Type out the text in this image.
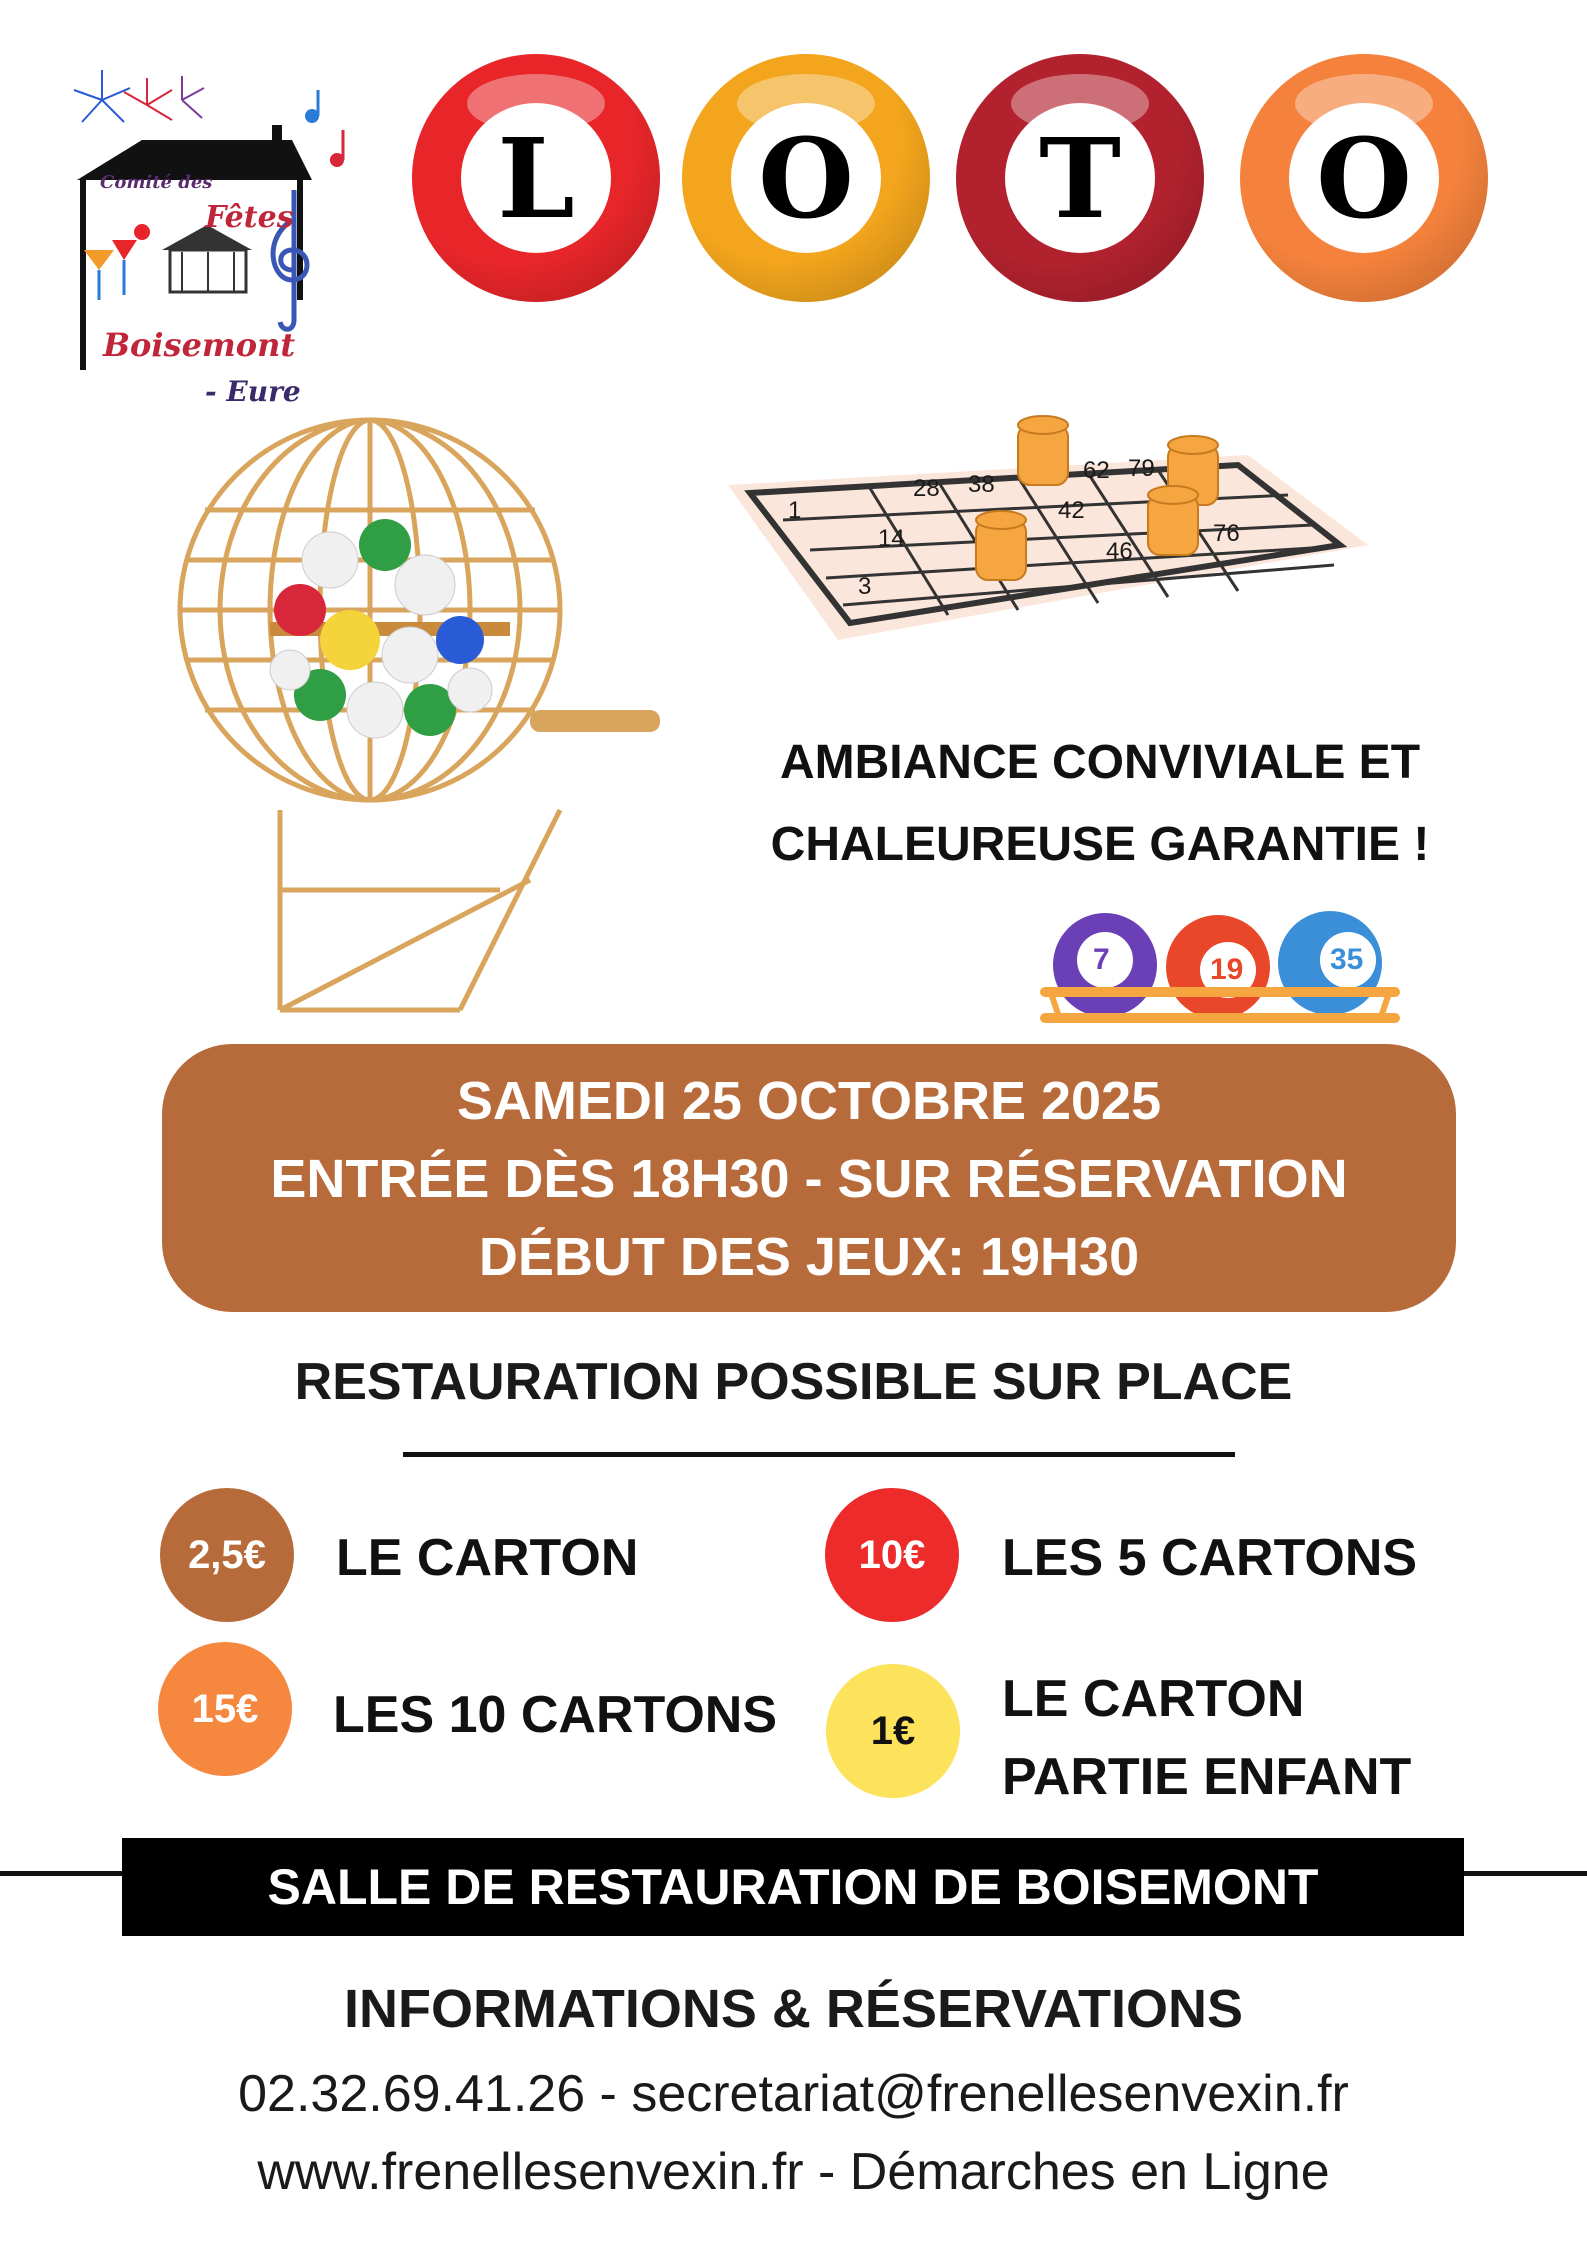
Comité des
Fêtes
Boisemont
- Eure
L	O	T	O
1
28 38
62 79
42
14	76
46
3
AMBIANCE CONVIVIALE ET
CHALEUREUSE GARANTIE !
7	19	35
SAMEDI 25 OCTOBRE 2025
ENTRÉE DÈS 18H30 - SUR RÉSERVATION
DÉBUT DES JEUX: 19H30
RESTAURATION POSSIBLE SUR PLACE
2,5€	LE CARTON	10€	LES 5 CARTONS
15€	LES 10 CARTONS	1€
LE CARTON
PARTIE ENFANT
SALLE DE RESTAURATION DE BOISEMONT
INFORMATIONS & RÉSERVATIONS
02.32.69.41.26 - secretariat@frenellesenvexin.fr
www.frenellesenvexin.fr - Démarches en Ligne
